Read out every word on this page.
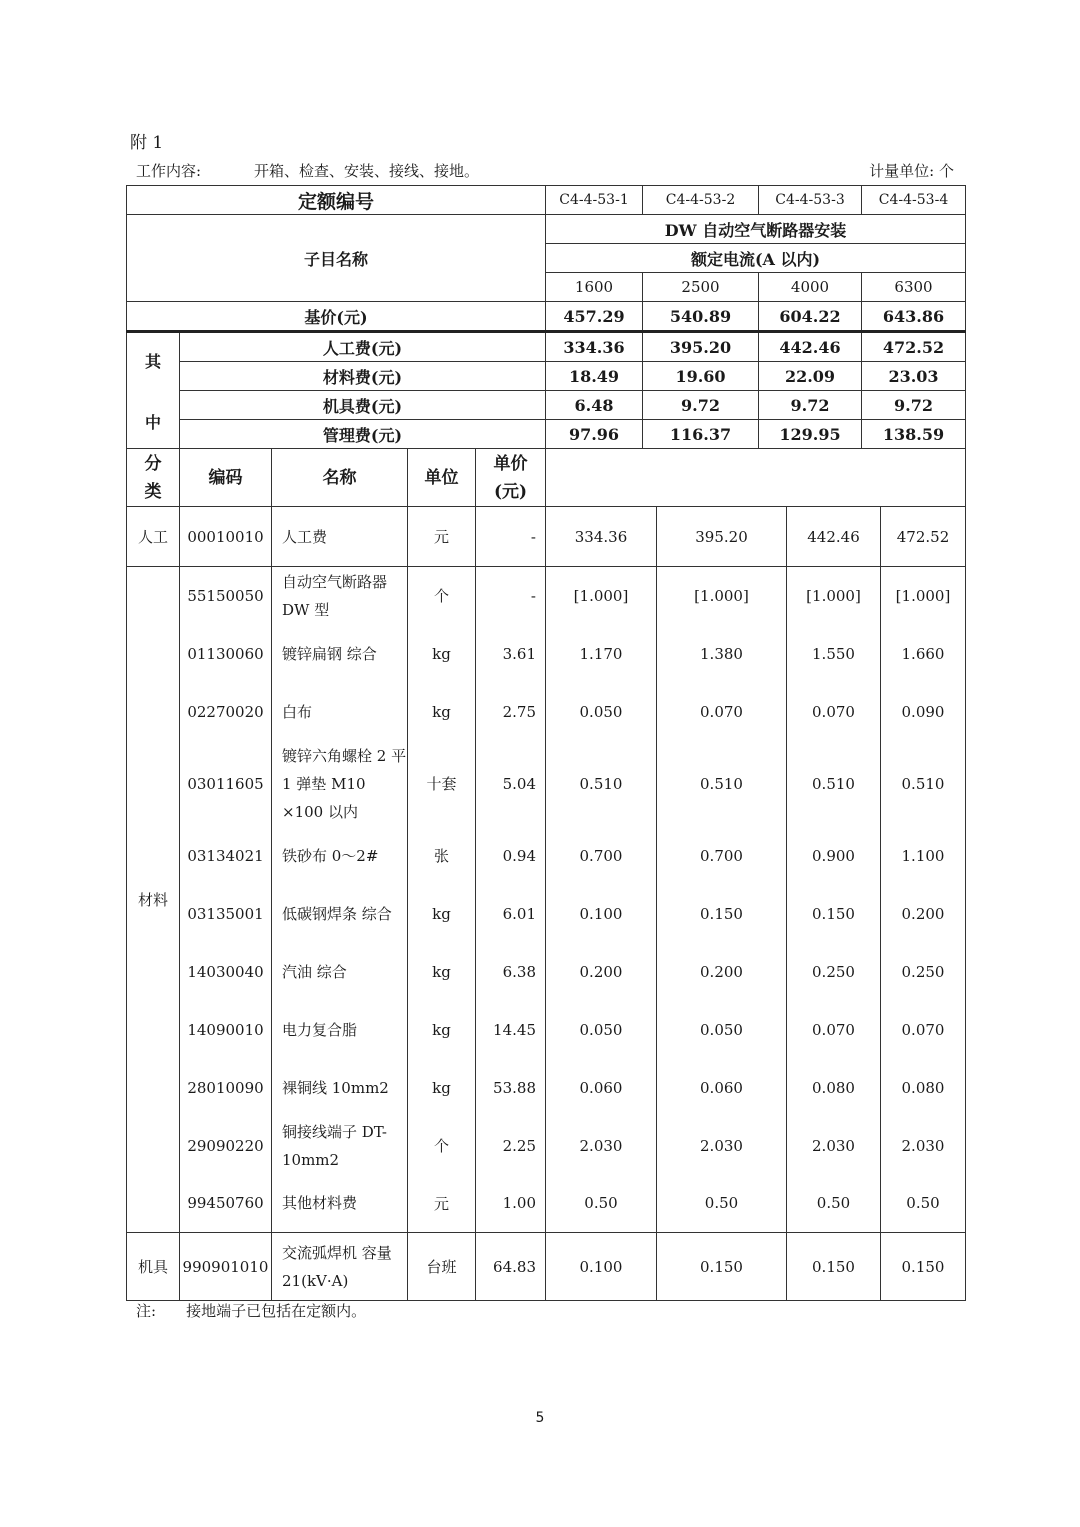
附 1
工作内容:	开箱、检查、安装、接线、接地。	计量单位: 个
定额编号		C4-4-53-1	C4-4-53-2	C4-4-53-3	C4-4-53-4
子目名称		DW 自动空气断路器安装			
		额定电流(A 以内)			
		1600	2500	4000	6300
基价(元)		457.29	540.89	604.22	643.86
其

中	人工费(元)	334.36	395.20	442.46	472.52
	材料费(元)	18.49	19.60	22.09	23.03
	机具费(元)	6.48	9.72	9.72	9.72
	管理费(元)	97.96	116.37	129.95	138.59
分
类	编码	名称	单位	单价
(元)				
人工	00010010	人工费	元	-	334.36	395.20	442.46	472.52
材料	55150050	自动空气断路器 DW 型	个	-	[1.000]	[1.000]	[1.000]	[1.000]
	01130060	镀锌扁钢 综合	kg	3.61	1.170	1.380	1.550	1.660
	02270020	白布	kg	2.75	0.050	0.070	0.070	0.090
	03011605	镀锌六角螺栓 2 平 1 弹垫 M10 ×100 以内	十套	5.04	0.510	0.510	0.510	0.510
	03134021	铁砂布 0～2#	张	0.94	0.700	0.700	0.900	1.100
	03135001	低碳钢焊条 综合	kg	6.01	0.100	0.150	0.150	0.200
	14030040	汽油 综合	kg	6.38	0.200	0.200	0.250	0.250
	14090010	电力复合脂	kg	14.45	0.050	0.050	0.070	0.070
	28010090	裸铜线 10mm2	kg	53.88	0.060	0.060	0.080	0.080
	29090220	铜接线端子 DT-10mm2	个	2.25	2.030	2.030	2.030	2.030
	99450760	其他材料费	元	1.00	0.50	0.50	0.50	0.50
机具	990901010	交流弧焊机 容量 21(kV·A)	台班	64.83	0.100	0.150	0.150	0.150
注: 接地端子已包括在定额内。
5
